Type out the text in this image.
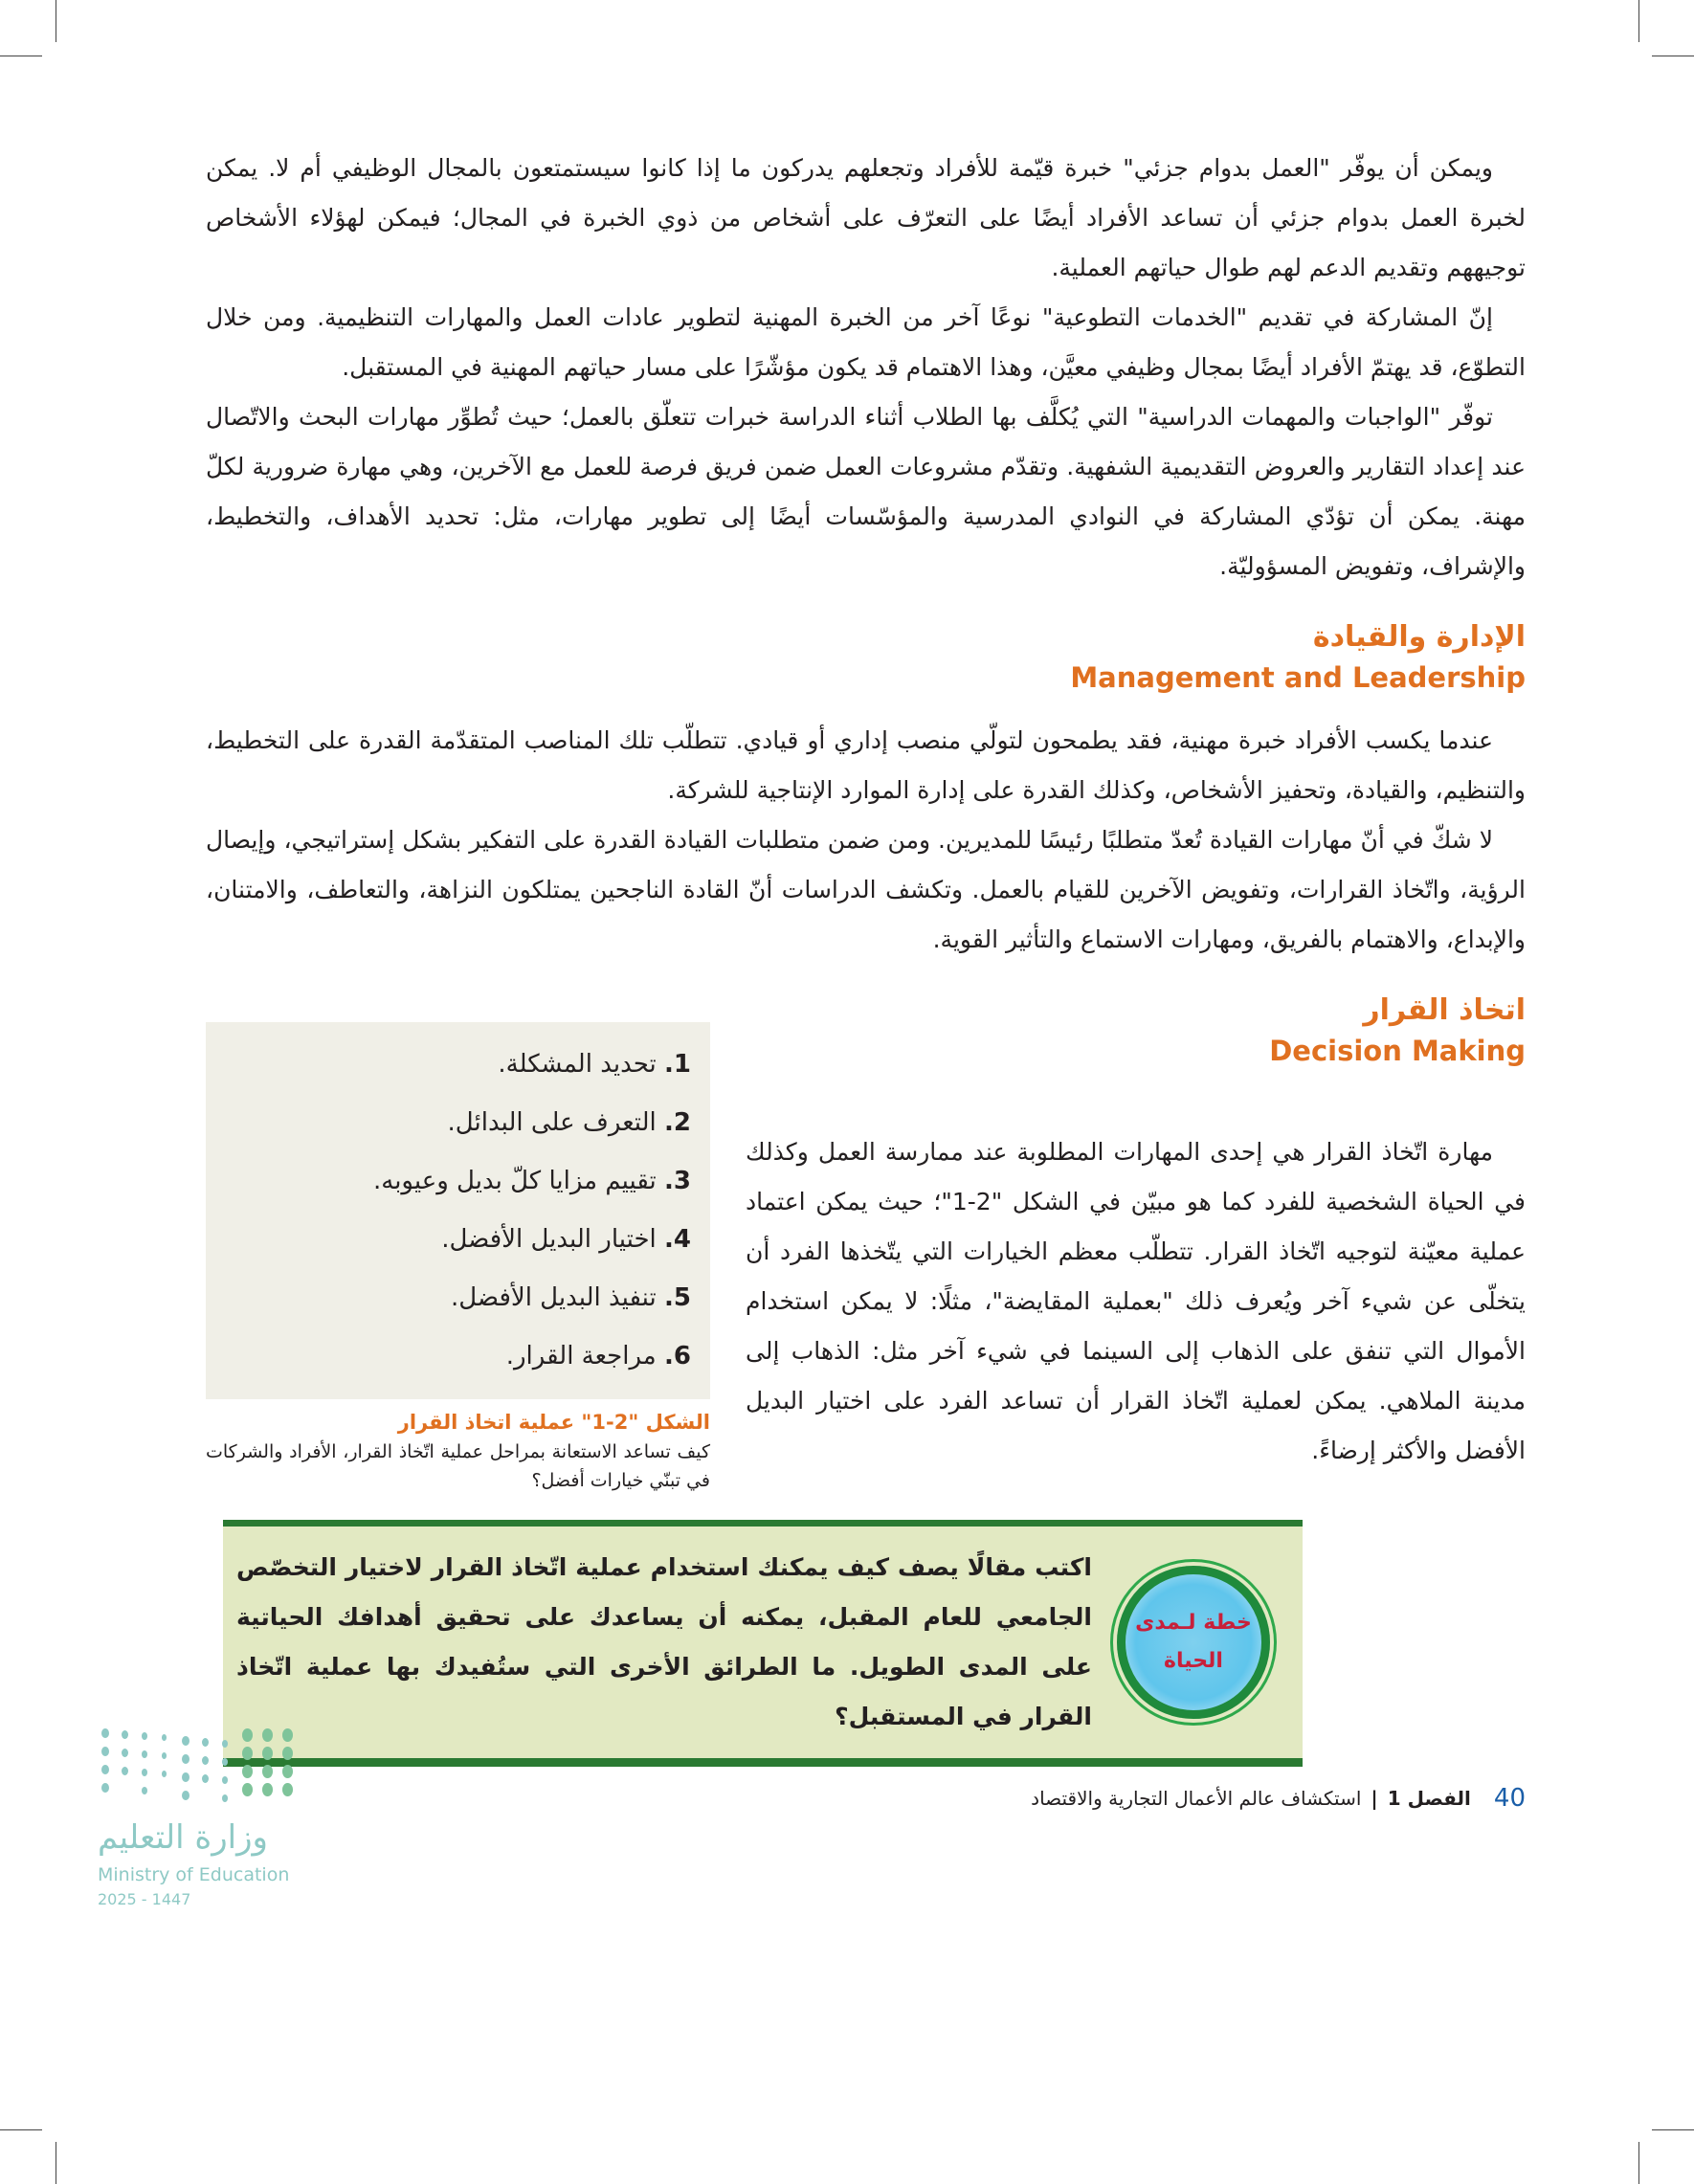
ويمكن أن يوفّر "العمل بدوام جزئي" خبرة قيّمة للأفراد وتجعلهم يدركون ما إذا كانوا سيستمتعون بالمجال الوظيفي أم لا. يمكن لخبرة العمل بدوام جزئي أن تساعد الأفراد أيضًا على التعرّف على أشخاص من ذوي الخبرة في المجال؛ فيمكن لهؤلاء الأشخاص توجيههم وتقديم الدعم لهم طوال حياتهم العملية.

إنّ المشاركة في تقديم "الخدمات التطوعية" نوعًا آخر من الخبرة المهنية لتطوير عادات العمل والمهارات التنظيمية. ومن خلال التطوّع، قد يهتمّ الأفراد أيضًا بمجال وظيفي معيَّن، وهذا الاهتمام قد يكون مؤشّرًا على مسار حياتهم المهنية في المستقبل.

توفّر "الواجبات والمهمات الدراسية" التي يُكلَّف بها الطلاب أثناء الدراسة خبرات تتعلّق بالعمل؛ حيث تُطوِّر مهارات البحث والاتّصال عند إعداد التقارير والعروض التقديمية الشفهية. وتقدّم مشروعات العمل ضمن فريق فرصة للعمل مع الآخرين، وهي مهارة ضرورية لكلّ مهنة. يمكن أن تؤدّي المشاركة في النوادي المدرسية والمؤسّسات أيضًا إلى تطوير مهارات، مثل: تحديد الأهداف، والتخطيط، والإشراف، وتفويض المسؤوليّة.

الإدارة والقيادة
Management and Leadership

عندما يكسب الأفراد خبرة مهنية، فقد يطمحون لتولّي منصب إداري أو قيادي. تتطلّب تلك المناصب المتقدّمة القدرة على التخطيط، والتنظيم، والقيادة، وتحفيز الأشخاص، وكذلك القدرة على إدارة الموارد الإنتاجية للشركة.

لا شكّ في أنّ مهارات القيادة تُعدّ متطلبًا رئيسًا للمديرين. ومن ضمن متطلبات القيادة القدرة على التفكير بشكل إستراتيجي، وإيصال الرؤية، واتّخاذ القرارات، وتفويض الآخرين للقيام بالعمل. وتكشف الدراسات أنّ القادة الناجحين يمتلكون النزاهة، والتعاطف، والامتنان، والإبداع، والاهتمام بالفريق، ومهارات الاستماع والتأثير القوية.

اتخاذ القرار
Decision Making
1. تحديد المشكلة.
2. التعرف على البدائل.
3. تقييم مزايا كلّ بديل وعيوبه.
4. اختيار البديل الأفضل.
5. تنفيذ البديل الأفضل.
6. مراجعة القرار.
الشكل "2-1" عملية اتخاذ القرار
كيف تساعد الاستعانة بمراحل عملية اتّخاذ القرار، الأفراد والشركات في تبنّي خيارات أفضل؟

مهارة اتّخاذ القرار هي إحدى المهارات المطلوبة عند ممارسة العمل وكذلك في الحياة الشخصية للفرد كما هو مبيّن في الشكل "2-1"؛ حيث يمكن اعتماد عملية معيّنة لتوجيه اتّخاذ القرار. تتطلّب معظم الخيارات التي يتّخذها الفرد أن يتخلّى عن شيء آخر ويُعرف ذلك "بعملية المقايضة"، مثلًا: لا يمكن استخدام الأموال التي تنفق على الذهاب إلى السينما في شيء آخر مثل: الذهاب إلى مدينة الملاهي. يمكن لعملية اتّخاذ القرار أن تساعد الفرد على اختيار البديل الأفضل والأكثر إرضاءً.

خطة لـمدى
الحياة
اكتب مقالًا يصف كيف يمكنك استخدام عملية اتّخاذ القرار لاختيار التخصّص الجامعي للعام المقبل، يمكنه أن يساعدك على تحقيق أهدافك الحياتية على المدى الطويل. ما الطرائق الأخرى التي ستُفيدك بها عملية اتّخاذ القرار في المستقبل؟
وزارة التعليم
Ministry of Education
2025 - 1447
40
الفصل 1
|
استكشاف عالم الأعمال التجارية والاقتصاد
